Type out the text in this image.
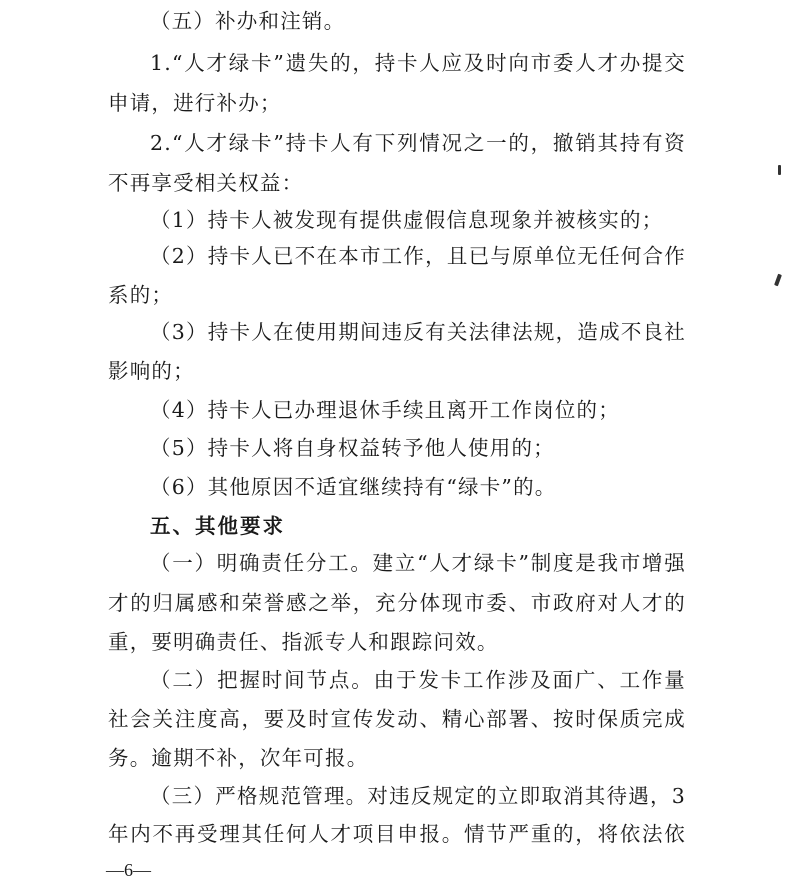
（五）补办和注销。
1.“人才绿卡”遗失的，持卡人应及时向市委人才办提交
申请，进行补办；
2.“人才绿卡”持卡人有下列情况之一的，撤销其持有资
不再享受相关权益：
（1）持卡人被发现有提供虚假信息现象并被核实的；
（2）持卡人已不在本市工作，且已与原单位无任何合作
系的；
（3）持卡人在使用期间违反有关法律法规，造成不良社
影响的；
（4）持卡人已办理退休手续且离开工作岗位的；
（5）持卡人将自身权益转予他人使用的；
（6）其他原因不适宜继续持有“绿卡”的。
五、其他要求
（一）明确责任分工。建立“人才绿卡”制度是我市增强
才的归属感和荣誉感之举，充分体现市委、市政府对人才的
重，要明确责任、指派专人和跟踪问效。
（二）把握时间节点。由于发卡工作涉及面广、工作量
社会关注度高，要及时宣传发动、精心部署、按时保质完成
务。逾期不补，次年可报。
（三）严格规范管理。对违反规定的立即取消其待遇，3
年内不再受理其任何人才项目申报。情节严重的，将依法依
—6—
